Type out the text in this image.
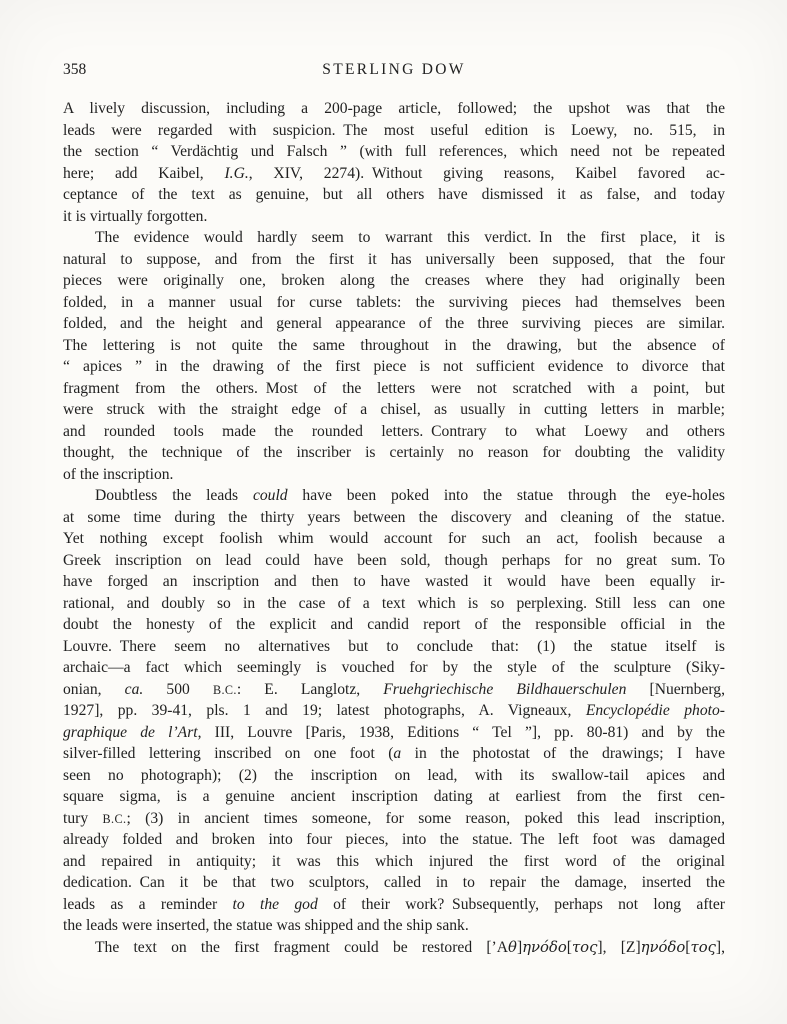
358	STERLING DOW
A lively discussion, including a 200-page article, followed; the upshot was that the
leads were regarded with suspicion. The most useful edition is Loewy, no. 515, in
the section “ Verdächtig und Falsch ” (with full references, which need not be repeated
here; add Kaibel, I.G., XIV, 2274). Without giving reasons, Kaibel favored ac-
ceptance of the text as genuine, but all others have dismissed it as false, and today
it is virtually forgotten.
The evidence would hardly seem to warrant this verdict. In the first place, it is
natural to suppose, and from the first it has universally been supposed, that the four
pieces were originally one, broken along the creases where they had originally been
folded, in a manner usual for curse tablets: the surviving pieces had themselves been
folded, and the height and general appearance of the three surviving pieces are similar.
The lettering is not quite the same throughout in the drawing, but the absence of
“ apices ” in the drawing of the first piece is not sufficient evidence to divorce that
fragment from the others. Most of the letters were not scratched with a point, but
were struck with the straight edge of a chisel, as usually in cutting letters in marble;
and rounded tools made the rounded letters. Contrary to what Loewy and others
thought, the technique of the inscriber is certainly no reason for doubting the validity
of the inscription.
Doubtless the leads could have been poked into the statue through the eye-holes
at some time during the thirty years between the discovery and cleaning of the statue.
Yet nothing except foolish whim would account for such an act, foolish because a
Greek inscription on lead could have been sold, though perhaps for no great sum. To
have forged an inscription and then to have wasted it would have been equally ir-
rational, and doubly so in the case of a text which is so perplexing. Still less can one
doubt the honesty of the explicit and candid report of the responsible official in the
Louvre. There seem no alternatives but to conclude that: (1) the statue itself is
archaic—a fact which seemingly is vouched for by the style of the sculpture (Siky-
onian, ca. 500 B.C.: E. Langlotz, Fruehgriechische Bildhauerschulen [Nuernberg,
1927], pp. 39-41, pls. 1 and 19; latest photographs, A. Vigneaux, Encyclopédie photo-
graphique de l’Art, III, Louvre [Paris, 1938, Editions “ Tel ”], pp. 80-81) and by the
silver-filled lettering inscribed on one foot (a in the photostat of the drawings; I have
seen no photograph); (2) the inscription on lead, with its swallow-tail apices and
square sigma, is a genuine ancient inscription dating at earliest from the first cen-
tury B.C.; (3) in ancient times someone, for some reason, poked this lead inscription,
already folded and broken into four pieces, into the statue. The left foot was damaged
and repaired in antiquity; it was this which injured the first word of the original
dedication. Can it be that two sculptors, called in to repair the damage, inserted the
leads as a reminder to the god of their work? Subsequently, perhaps not long after
the leads were inserted, the statue was shipped and the ship sank.
The text on the first fragment could be restored [’Αθ]ηνόδο[τος], [Ζ]ηνόδο[τος],
